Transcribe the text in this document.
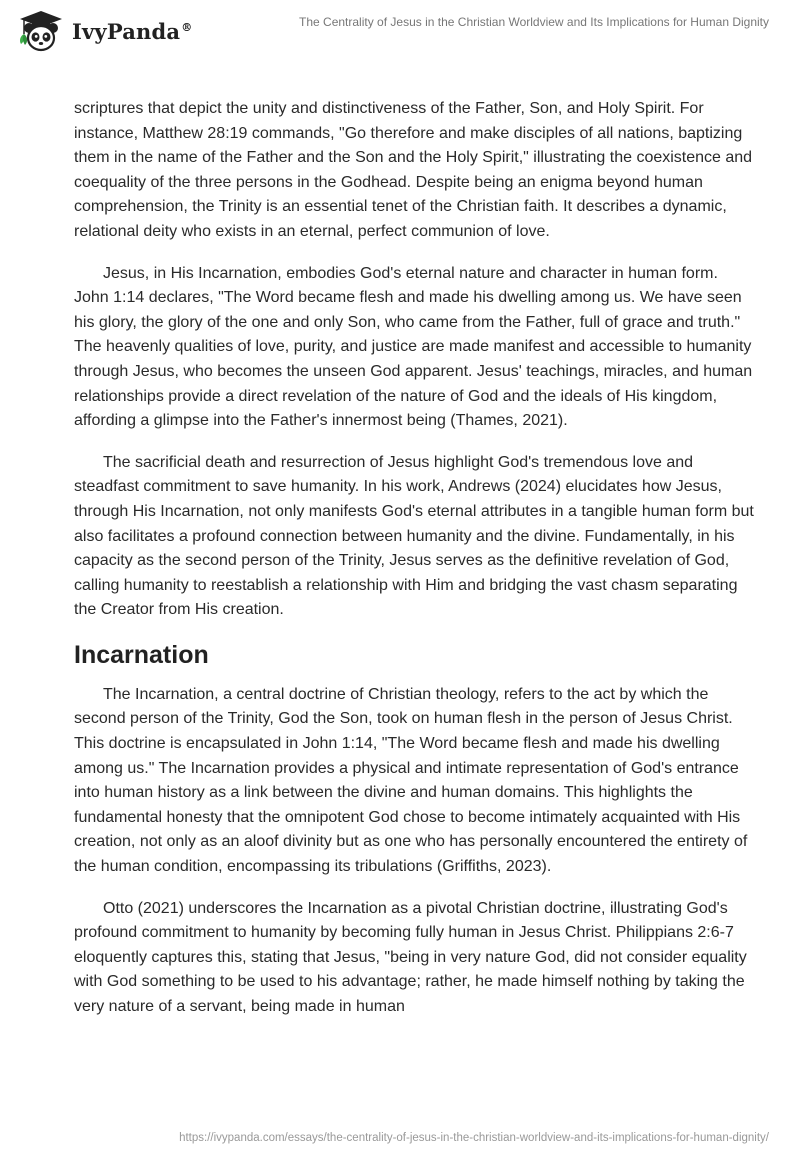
IvyPanda®	The Centrality of Jesus in the Christian Worldview and Its Implications for Human Dignity

scriptures that depict the unity and distinctiveness of the Father, Son, and Holy Spirit. For instance, Matthew 28:19 commands, "Go therefore and make disciples of all nations, baptizing them in the name of the Father and the Son and the Holy Spirit," illustrating the coexistence and coequality of the three persons in the Godhead. Despite being an enigma beyond human comprehension, the Trinity is an essential tenet of the Christian faith. It describes a dynamic, relational deity who exists in an eternal, perfect communion of love.

Jesus, in His Incarnation, embodies God's eternal nature and character in human form. John 1:14 declares, "The Word became flesh and made his dwelling among us. We have seen his glory, the glory of the one and only Son, who came from the Father, full of grace and truth." The heavenly qualities of love, purity, and justice are made manifest and accessible to humanity through Jesus, who becomes the unseen God apparent. Jesus' teachings, miracles, and human relationships provide a direct revelation of the nature of God and the ideals of His kingdom, affording a glimpse into the Father's innermost being (Thames, 2021).

The sacrificial death and resurrection of Jesus highlight God's tremendous love and steadfast commitment to save humanity. In his work, Andrews (2024) elucidates how Jesus, through His Incarnation, not only manifests God's eternal attributes in a tangible human form but also facilitates a profound connection between humanity and the divine. Fundamentally, in his capacity as the second person of the Trinity, Jesus serves as the definitive revelation of God, calling humanity to reestablish a relationship with Him and bridging the vast chasm separating the Creator from His creation.

Incarnation

The Incarnation, a central doctrine of Christian theology, refers to the act by which the second person of the Trinity, God the Son, took on human flesh in the person of Jesus Christ. This doctrine is encapsulated in John 1:14, "The Word became flesh and made his dwelling among us." The Incarnation provides a physical and intimate representation of God's entrance into human history as a link between the divine and human domains. This highlights the fundamental honesty that the omnipotent God chose to become intimately acquainted with His creation, not only as an aloof divinity but as one who has personally encountered the entirety of the human condition, encompassing its tribulations (Griffiths, 2023).

Otto (2021) underscores the Incarnation as a pivotal Christian doctrine, illustrating God's profound commitment to humanity by becoming fully human in Jesus Christ. Philippians 2:6-7 eloquently captures this, stating that Jesus, "being in very nature God, did not consider equality with God something to be used to his advantage; rather, he made himself nothing by taking the very nature of a servant, being made in human

https://ivypanda.com/essays/the-centrality-of-jesus-in-the-christian-worldview-and-its-implications-for-human-dignity/
